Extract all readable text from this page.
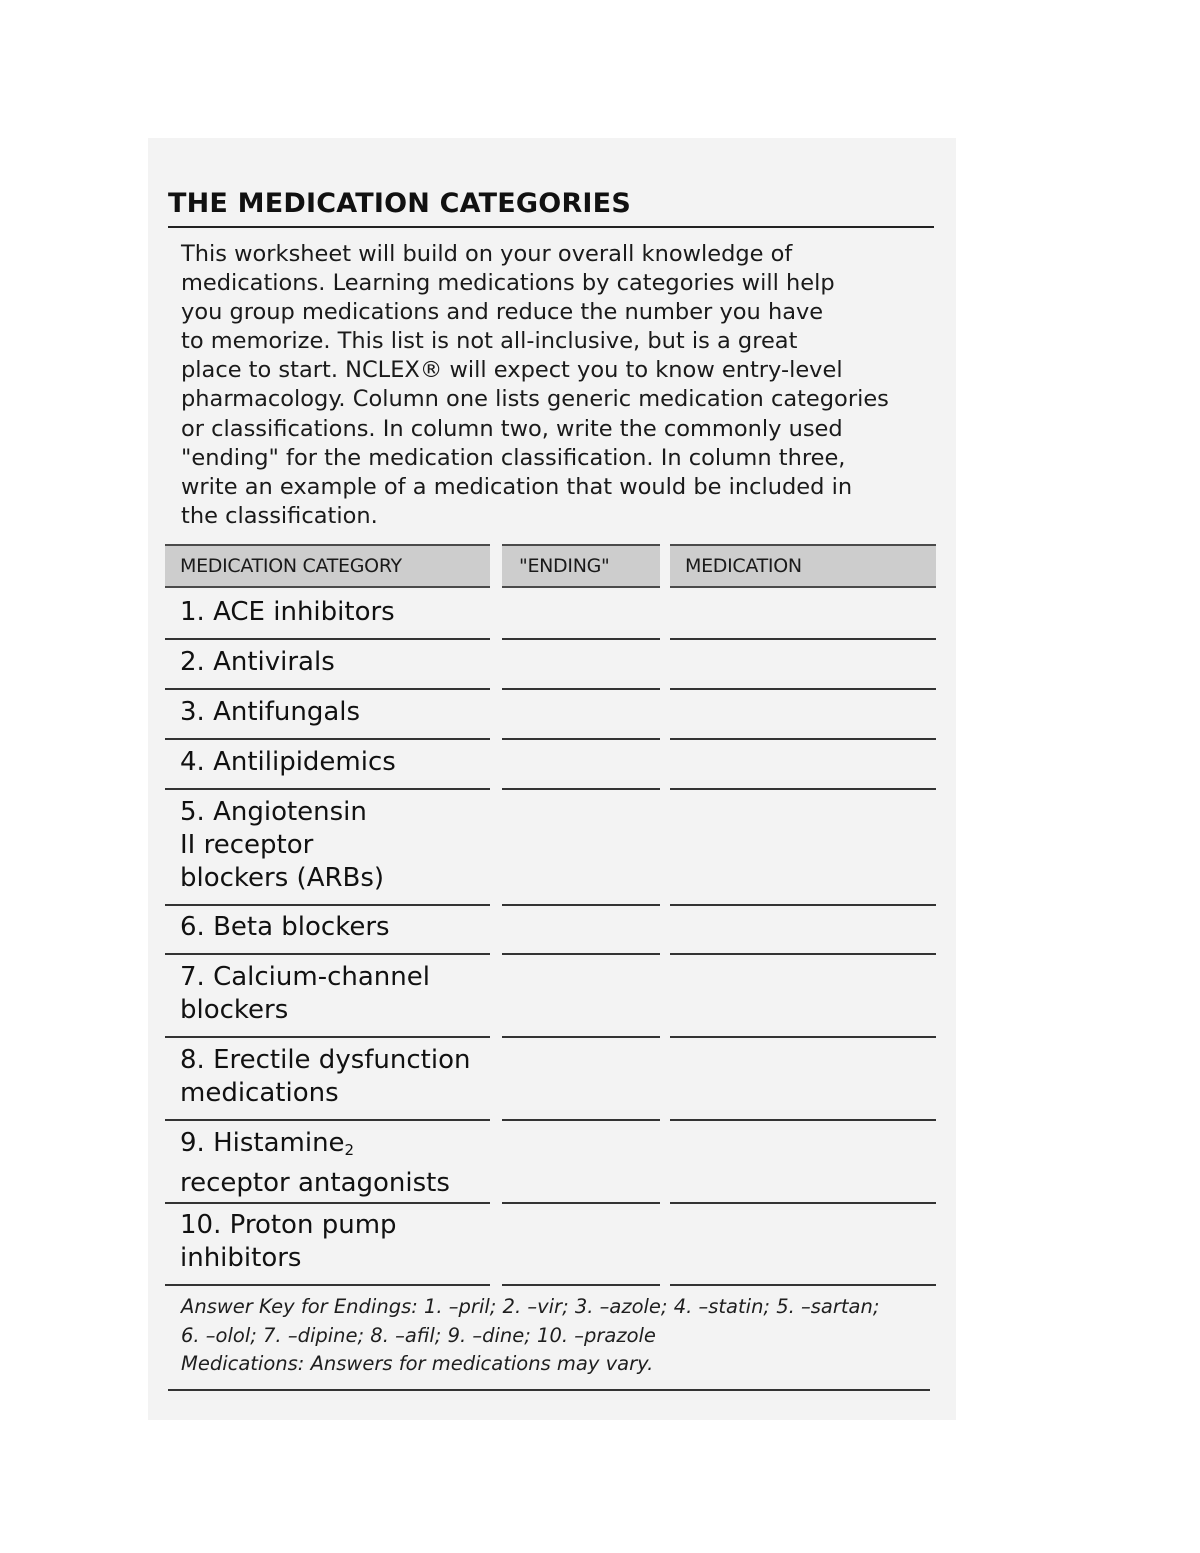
THE MEDICATION CATEGORIES

This worksheet will build on your overall knowledge of
medications. Learning medications by categories will help
you group medications and reduce the number you have
to memorize. This list is not all-inclusive, but is a great
place to start. NCLEX® will expect you to know entry-level
pharmacology. Column one lists generic medication categories
or classifications. In column two, write the commonly used
"ending" for the medication classification. In column three,
write an example of a medication that would be included in
the classification.

MEDICATION CATEGORY	"ENDING"	MEDICATION
1. ACE inhibitors
2. Antivirals
3. Antifungals
4. Antilipidemics
5. Angiotensin
II receptor
blockers (ARBs)
6. Beta blockers
7. Calcium-channel
blockers
8. Erectile dysfunction
medications
9. Histamine$_2$
receptor antagonists
10. Proton pump
inhibitors
Answer Key for Endings: 1. –pril; 2. –vir; 3. –azole; 4. –statin; 5. –sartan;
6. –olol; 7. –dipine; 8. –afil; 9. –dine; 10. –prazole
Medications: Answers for medications may vary.
